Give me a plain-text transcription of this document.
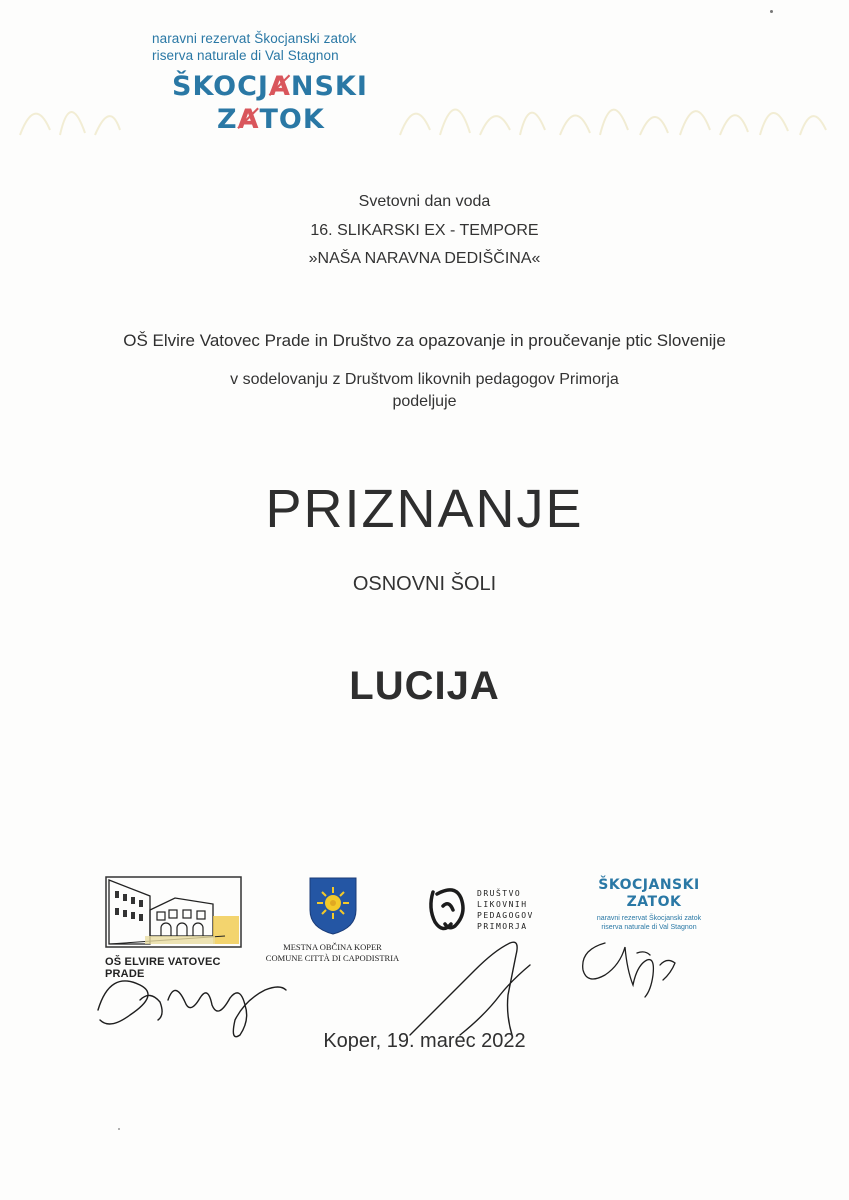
naravni rezervat Škocjanski zatok
riserva naturale di Val Stagnon
ŠKOCJȺNSKI
ZȺTOK
Svetovni dan voda
16. SLIKARSKI EX - TEMPORE
»NAŠA NARAVNA DEDIŠČINA«
OŠ Elvire Vatovec Prade in Društvo za opazovanje in proučevanje ptic Slovenije
v sodelovanju z Društvom likovnih pedagogov Primorja
podeljuje
PRIZNANJE
OSNOVNI ŠOLI
LUCIJA
OŠ ELVIRE VATOVEC PRADE
MESTNA OBČINA KOPER
COMUNE CITTÀ DI CAPODISTRIA
DRUŠTVO
LIKOVNIH
PEDAGOGOV
PRIMORJA
ŠKOCJANSKI
ZATOK
naravni rezervat Škocjanski zatok
riserva naturale di Val Stagnon
Koper, 19. marec 2022
